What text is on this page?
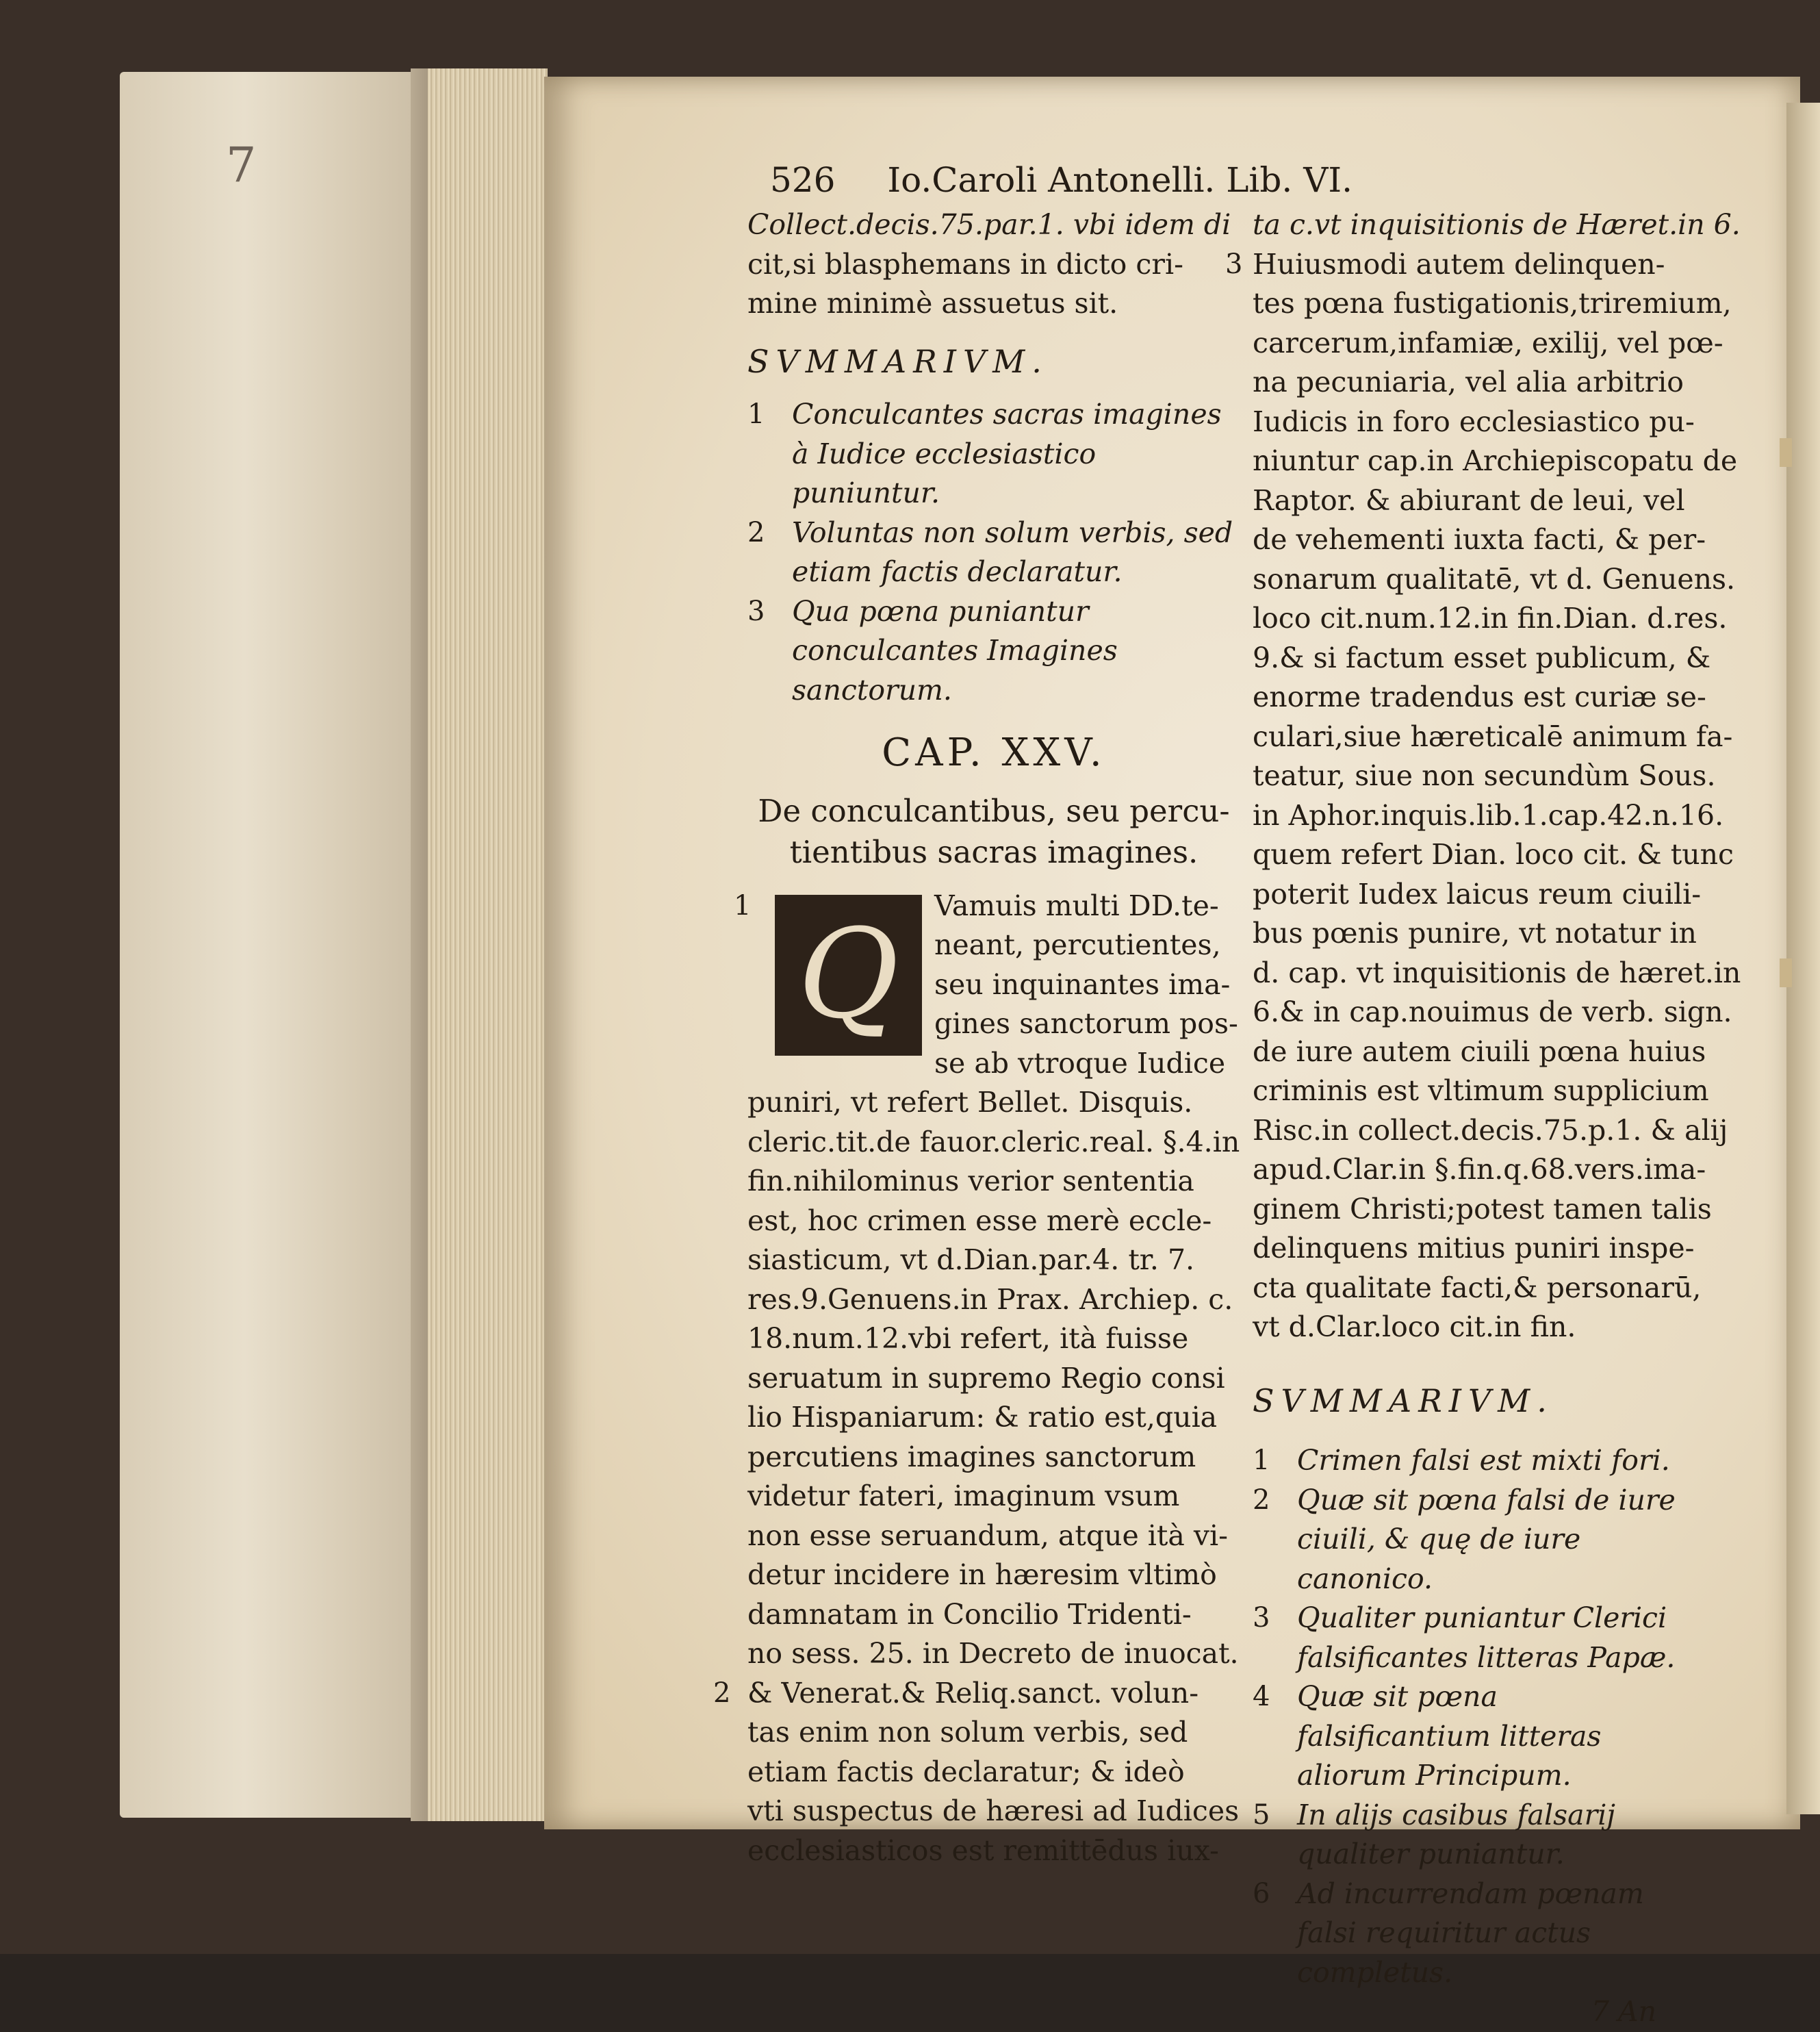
7	526 Io.Caroli Antonelli. Lib. VI.
Collect.decis.75.par.1. vbi idem di
cit,si blasphemans in dicto cri-
mine minimè assuetus sit.
SVMMARIVM.
1 Conculcantes sacras imagines à Iudice ecclesiastico puniuntur.
2 Voluntas non solum verbis, sed etiam factis declaratur.
3 Qua pœna puniantur conculcantes Imagines sanctorum.
CAP. XXV.
De conculcantibus, seu percu-
tientibus sacras imagines.
1 Q	Vamuis multi DD.te-
neant, percutientes,
seu inquinantes ima-
gines sanctorum pos-
se ab vtroque Iudice
puniri, vt refert Bellet. Disquis.
cleric.tit.de fauor.cleric.real. §.4.in
fin.nihilominus verior sententia
est, hoc crimen esse merè eccle-
siasticum, vt d.Dian.par.4. tr. 7.
res.9.Genuens.in Prax. Archiep. c.
18.num.12.vbi refert, ità fuisse
seruatum in supremo Regio consi
lio Hispaniarum: & ratio est,quia
percutiens imagines sanctorum
videtur fateri, imaginum vsum
non esse seruandum, atque ità vi-
detur incidere in hæresim vltimò
damnatam in Concilio Tridenti-
no sess. 25. in Decreto de inuocat.
2 & Venerat.& Reliq.sanct. volun-
tas enim non solum verbis, sed
etiam factis declaratur; & ideò
vti suspectus de hæresi ad Iudices
ecclesiasticos est remittēdus iux-
ta c.vt inquisitionis de Hæret.in 6.
3 Huiusmodi autem delinquen-
tes pœna fustigationis,triremium,
carcerum,infamiæ, exilij, vel pœ-
na pecuniaria, vel alia arbitrio
Iudicis in foro ecclesiastico pu-
niuntur cap.in Archiepiscopatu de
Raptor. & abiurant de leui, vel
de vehementi iuxta facti, & per-
sonarum qualitatē, vt d. Genuens.
loco cit.num.12.in fin.Dian. d.res.
9.& si factum esset publicum, &
enorme tradendus est curiæ se-
culari,siue hæreticalē animum fa-
teatur, siue non secundùm Sous.
in Aphor.inquis.lib.1.cap.42.n.16.
quem refert Dian. loco cit. & tunc
poterit Iudex laicus reum ciuili-
bus pœnis punire, vt notatur in
d. cap. vt inquisitionis de hæret.in
6.& in cap.nouimus de verb. sign.
de iure autem ciuili pœna huius
criminis est vltimum supplicium
Risc.in collect.decis.75.p.1. & alij
apud.Clar.in §.fin.q.68.vers.ima-
ginem Christi;potest tamen talis
delinquens mitius puniri inspe-
cta qualitate facti,& personarū,
vt d.Clar.loco cit.in fin.
SVMMARIVM.
1 Crimen falsi est mixti fori.
2 Quæ sit pœna falsi de iure ciuili, & quę de iure canonico.
3 Qualiter puniantur Clerici falsificantes litteras Papæ.
4 Quæ sit pœna falsificantium litteras aliorum Principum.
5 In alijs casibus falsarij qualiter puniantur.
6 Ad incurrendam pœnam falsi requiritur actus completus.
7 An
